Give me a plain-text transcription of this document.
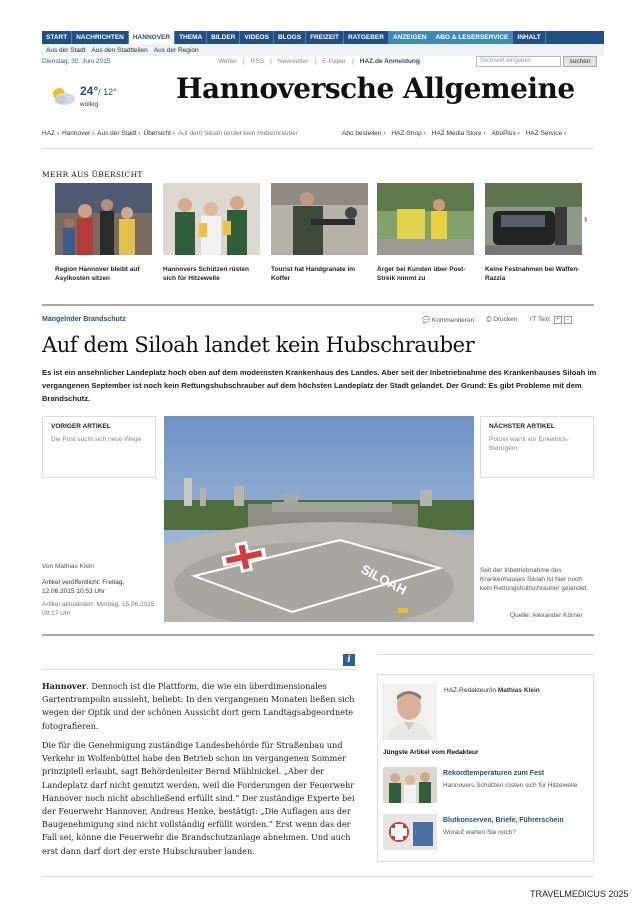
START	NACHRICHTEN	HANNOVER	THEMA	BILDER	VIDEOS	BLOGS	FREIZEIT	RATGEBER	ANZEIGEN	ABO & LESERSERVICE	INHALT
Aus der Stadt Aus den Stadtteilen Aus der Region
Dienstag, 30. Juni 2015	Wetter | RSS | Newsletter | E-Paper | HAZ.de Anmeldung	Stichwort eingeben	suchen
24°/ 12°
wolkig	Hannoversche Allgemeine
HAZ › Hannover › Aus der Stadt › Übersicht › Auf dem Siloah landet kein Hubschrauber	Abo bestellen › HAZ-Shop › HAZ Media Store › AboPlus › HAZ Service ›
MEHR AUS ÜBERSICHT
Region Hannover bleibt auf Asylkosten sitzen
Hannovers Schützen rüsten sich für Hitzewelle
Tourist hat Handgranate im Koffer
Ärger bei Kunden über Post-Streik nimmt zu
Keine Festnahmen bei Waffen-Razzia
›
Mangelnder Brandschutz	💬 Kommentieren ⎙ Drucken ᴛT Text + −
Auf dem Siloah landet kein Hubschrauber
Es ist ein ansehnlicher Landeplatz hoch oben auf dem modernsten Krankenhaus des Landes. Aber seit der Inbetriebnahme des Krankenhauses Siloah im vergangenen September ist noch kein Rettungshubschrauber auf dem höchsten Landeplatz der Stadt gelandet. Der Grund: Es gibt Probleme mit dem Brandschutz.
VORIGER ARTIKEL

Die Post sucht sich neue Wege

NÄCHSTER ARTIKEL

Polizei warnt vor Enkeltrick-Betrügern

SILOAH
Von Mathias Klein
Artikel veröffentlicht: Freitag, 12.06.2015 10:53 Uhr
Artikel aktualisiert: Montag, 15.06.2015 08:17 Uhr
Seit der Inbetriebnahme des Krankenhauses Siloah ist hier noch kein Rettungshubschrauber gelandet.
Quelle: Alexander Körner
i

Hannover. Dennoch ist die Plattform, die wie ein überdimensionales Gartentrampolin aussieht, beliebt: In den vergangenen Monaten ließen sich wegen der Optik und der schönen Aussicht dort gern Landtagsabgeordnete fotografieren.

Die für die Genehmigung zuständige Landesbehörde für Straßenbau und Verkehr in Wolfenbüttel habe den Betrieb schon im vergangenen Sommer prinzipiell erlaubt, sagt Behördenleiter Bernd Mühlnickel. „Aber der Landeplatz darf nicht genutzt werden, weil die Forderungen der Feuerwehr Hannover noch nicht abschließend erfüllt sind.“ Der zuständige Experte bei der Feuerwehr Hannover, Andreas Henke, bestätigt: „Die Auflagen aus der Baugenehmigung sind nicht vollständig erfüllt worden.“ Erst wenn das der Fall sei, könne die Feuerwehr die Brandschutzanlage abnehmen. Und auch erst dann darf dort der erste Hubschrauber landen.

HAZ-Redakteur/in Mathias Klein
Jüngste Artikel vom Redakteur
Rekordtemperaturen zum Fest
Hannovers Schützen rüsten sich für Hitzewelle
Blutkonserven, Briefe, Führerschein
Worauf warten Sie noch?
TRAVELMEDICUS 2025
